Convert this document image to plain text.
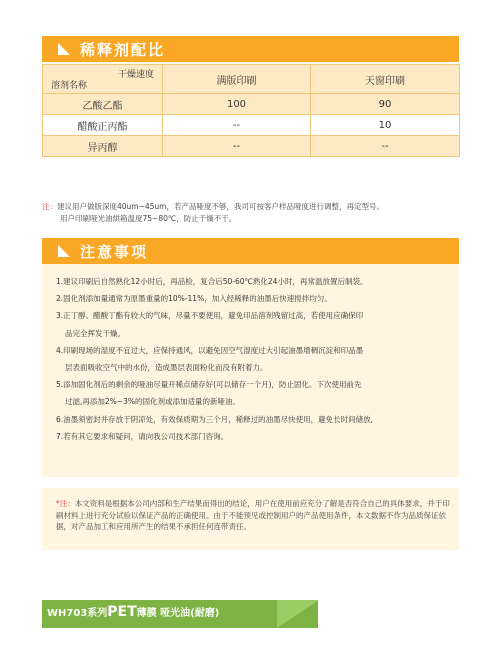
稀释剂配比
干燥速度
溶剂名称	满版印刷	天窗印刷
乙酸乙酯	100	90
醋酸正丙酯	--	10
异丙醇	--	--
注：建议用户做版深度40um~45um，若产品哑度不够，我司可按客户样品哑度进行调整，再定型号。
用户印刷哑光油烘箱温度75~80℃，防止干燥不干。
注意事项
1.建议印刷后自然熟化12小时后，再品检，复合后50-60℃熟化24小时，再常温放置后制袋。
2.固化剂添加量通常为原墨重量的10%-11%，加入经稀释的油墨后快速搅拌均匀。
3.正丁醇、醋酸丁酯有较大的气味，尽量不要使用，避免印品溶剂残留过高，若使用应确保印
品完全挥发干燥。
4.印刷现场的湿度不宜过大，应保持通风，以避免因空气湿度过大引起油墨增稠沉淀和印品墨
层表面吸收空气中的水份，造成墨层表面粉化而没有附着力。
5.添加固化剂后的剩余的哑油尽量开稀点储存好(可以储存一个月)，防止固化。下次使用前先
过滤,再添加2%~3%的固化剂或添加适量的新哑油。
6.油墨须密封并存放于阴凉处，有效保质期为三个月，稀释过的油墨尽快使用，避免长时间储放,
7.若有其它要求和疑问，请向我公司技术部门咨询。
*注：本文资料是根据本公司内部和生产结果而得出的结论，用户在使用前应充分了解是否符合自己的具体要求，并于印刷材料上进行充分试验以保证产品的正确使用。由于不能预见或控制用户的产品使用条件，本文数据不作为品质保证依据，对产品加工和应用所产生的结果不承担任何连带责任。
WH703系列PET薄膜 哑光油(耐磨)
